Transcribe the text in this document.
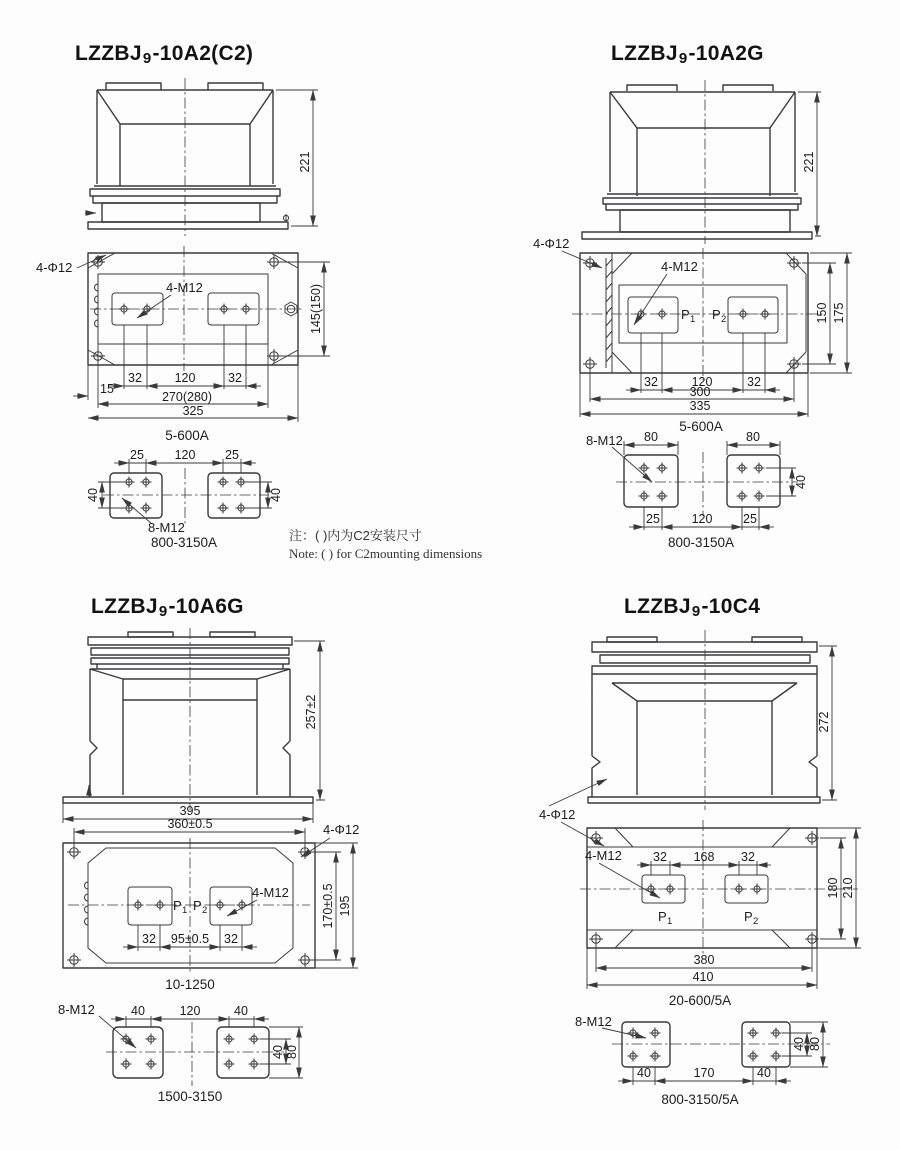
LZZBJ9-10A2(C2)	LZZBJ9-10A2G
LZZBJ9-10A6G	LZZBJ9-10C4
注：( )内为C2安装尺寸
Note: ( ) for C2mounting dimensions
221
4-Φ12
4-M12	145(150)
32	120	32
15
270(280)
325
5-600A
25 120 25
40	40
8-M12
800-3150A
221
P 1 P 2
4-Φ12
4-M12
150 175
32	120	32
300
335
5-600A
80	80
8-M12
40
25	120 25
800-3150A
257±2
395
360±0.5	4-Φ12
4-M12
P 1 P 2	170±0.5 195
32 95±0.5 32
10-1250
40	120	40
8-M12
40 80
1500-3150
272
4-Φ12
4-M12 32 168 32
P 1	P 2
180 210
380
410
20-600/5A
8-M12
40	170	40
40 80
800-3150/5A
